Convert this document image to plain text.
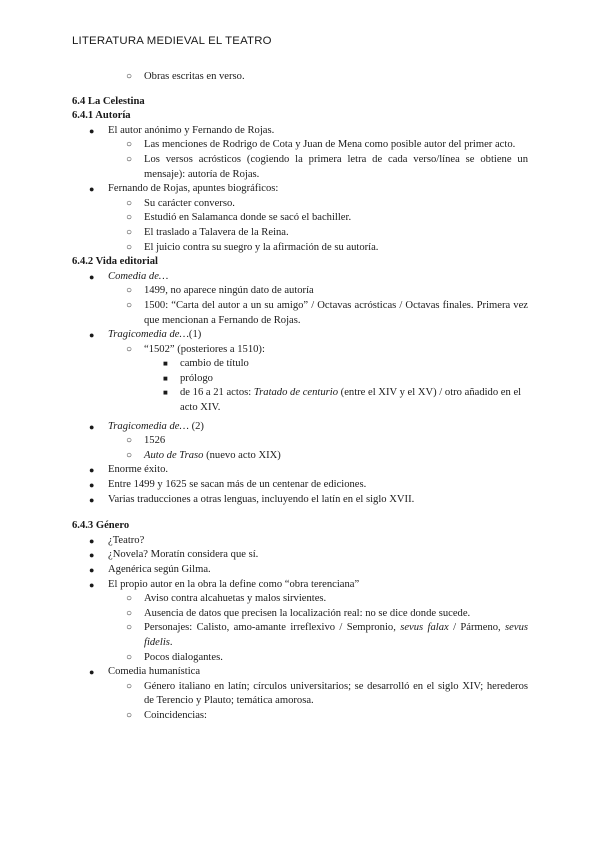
LITERATURA MEDIEVAL EL TEATRO
○ Obras escritas en verso.
6.4 La Celestina
6.4.1 Autoría
● El autor anónimo y Fernando de Rojas.
○ Las menciones de Rodrigo de Cota y Juan de Mena como posible autor del primer acto.
○ Los versos acrósticos (cogiendo la primera letra de cada verso/línea se obtiene un mensaje): autoría de Rojas.
● Fernando de Rojas, apuntes biográficos:
○ Su carácter converso.
○ Estudió en Salamanca donde se sacó el bachiller.
○ El traslado a Talavera de la Reina.
○ El juicio contra su suegro y la afirmación de su autoría.
6.4.2 Vida editorial
● Comedia de…
○ 1499, no aparece ningún dato de autoría
○ 1500: “Carta del autor a un su amigo” / Octavas acrósticas / Octavas finales. Primera vez que mencionan a Fernando de Rojas.
● Tragicomedia de…(1)
○ “1502” (posteriores a 1510):
■ cambio de título
■ prólogo
■ de 16 a 21 actos: Tratado de centurio (entre el XIV y el XV) / otro añadido en el acto XIV.
● Tragicomedia de… (2)
○ 1526
○ Auto de Traso (nuevo acto XIX)
● Enorme éxito.
● Entre 1499 y 1625 se sacan más de un centenar de ediciones.
● Varias traducciones a otras lenguas, incluyendo el latín en el siglo XVII.
6.4.3 Género
● ¿Teatro?
● ¿Novela? Moratín considera que sí.
● Agenérica según Gilma.
● El propio autor en la obra la define como “obra terenciana”
○ Aviso contra alcahuetas y malos sirvientes.
○ Ausencia de datos que precisen la localización real: no se dice donde sucede.
○ Personajes: Calisto, amo-amante irreflexivo / Sempronio, sevus falax / Pármeno, sevus fidelis.
○ Pocos dialogantes.
● Comedia humanística
○ Género italiano en latín; círculos universitarios; se desarrolló en el siglo XIV; herederos de Terencio y Plauto; temática amorosa.
○ Coincidencias:
